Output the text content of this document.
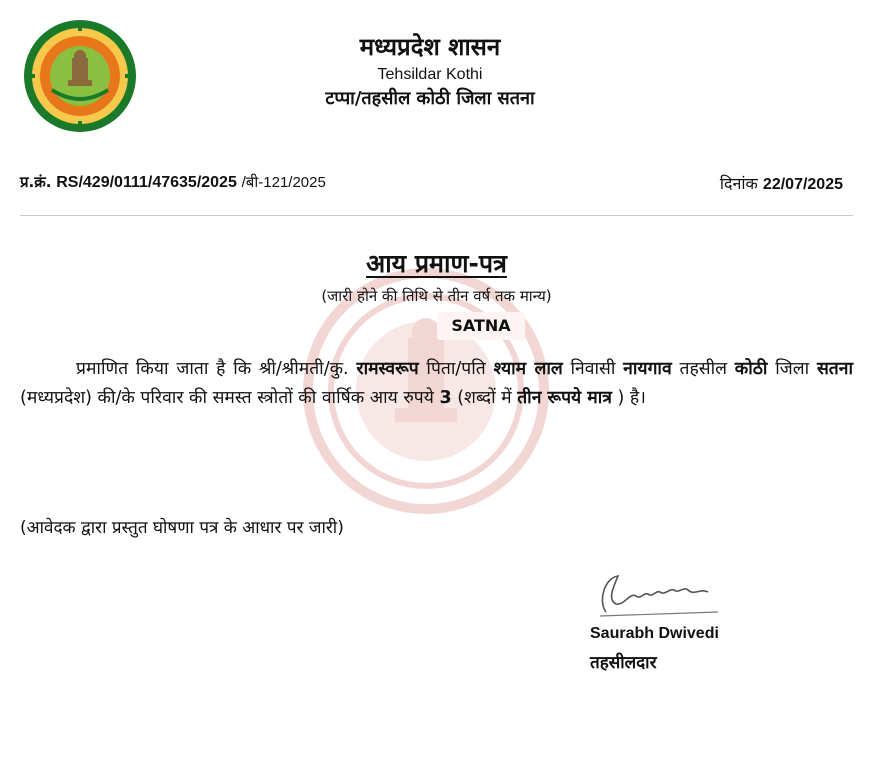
मध्यप्रदेश शासन
Tehsildar Kothi
टप्पा/तहसील कोठी जिला सतना
प्र.क्रं. RS/429/0111/47635/2025 /बी-121/2025	दिनांक 22/07/2025
आय प्रमाण-पत्र
(जारी होने की तिथि से तीन वर्ष तक मान्य)
SATNA
प्रमाणित किया जाता है कि श्री/श्रीमती/कु. रामस्वरूप पिता/पति श्याम लाल निवासी नायगाव तहसील कोठी जिला सतना (मध्यप्रदेश) की/के परिवार की समस्त स्त्रोतों की वार्षिक आय रुपये 3 (शब्दों में तीन रूपये मात्र ) है।
(आवेदक द्वारा प्रस्तुत घोषणा पत्र के आधार पर जारी)
Saurabh Dwivedi
तहसीलदार
